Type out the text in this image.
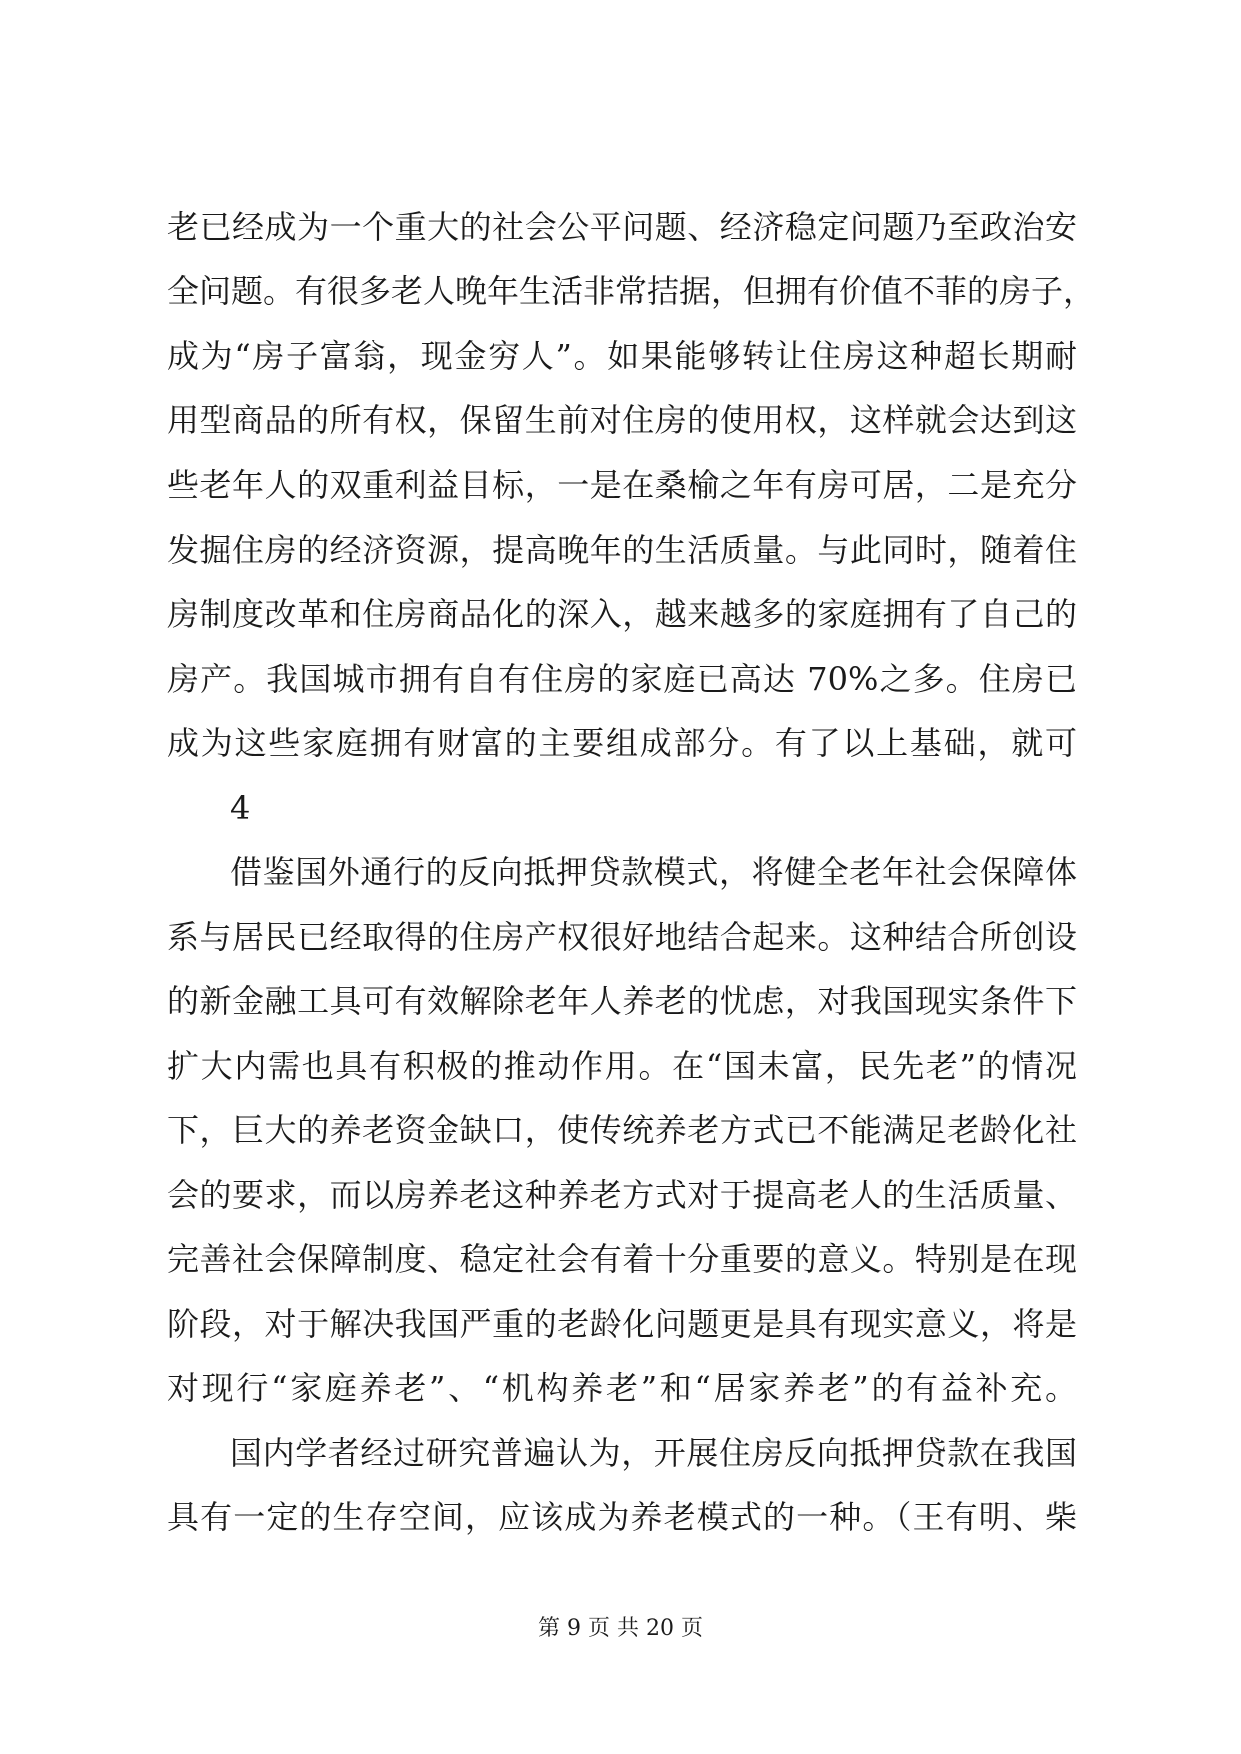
老已经成为一个重大的社会公平问题、经济稳定问题乃至政治安
全问题。有很多老人晚年生活非常拮据，但拥有价值不菲的房子，
成为“房子富翁，现金穷人”。如果能够转让住房这种超长期耐
用型商品的所有权，保留生前对住房的使用权，这样就会达到这
些老年人的双重利益目标，一是在桑榆之年有房可居，二是充分
发掘住房的经济资源，提高晚年的生活质量。与此同时，随着住
房制度改革和住房商品化的深入，越来越多的家庭拥有了自己的
房产。我国城市拥有自有住房的家庭已高达 70%之多。住房已
成为这些家庭拥有财富的主要组成部分。有了以上基础，就可
4
借鉴国外通行的反向抵押贷款模式，将健全老年社会保障体
系与居民已经取得的住房产权很好地结合起来。这种结合所创设
的新金融工具可有效解除老年人养老的忧虑，对我国现实条件下
扩大内需也具有积极的推动作用。在“国未富，民先老”的情况
下，巨大的养老资金缺口，使传统养老方式已不能满足老龄化社
会的要求，而以房养老这种养老方式对于提高老人的生活质量、
完善社会保障制度、稳定社会有着十分重要的意义。特别是在现
阶段，对于解决我国严重的老龄化问题更是具有现实意义，将是
对现行“家庭养老”、“机构养老”和“居家养老”的有益补充。
国内学者经过研究普遍认为，开展住房反向抵押贷款在我国
具有一定的生存空间，应该成为养老模式的一种。（王有明、柴
第 9 页 共 20 页
